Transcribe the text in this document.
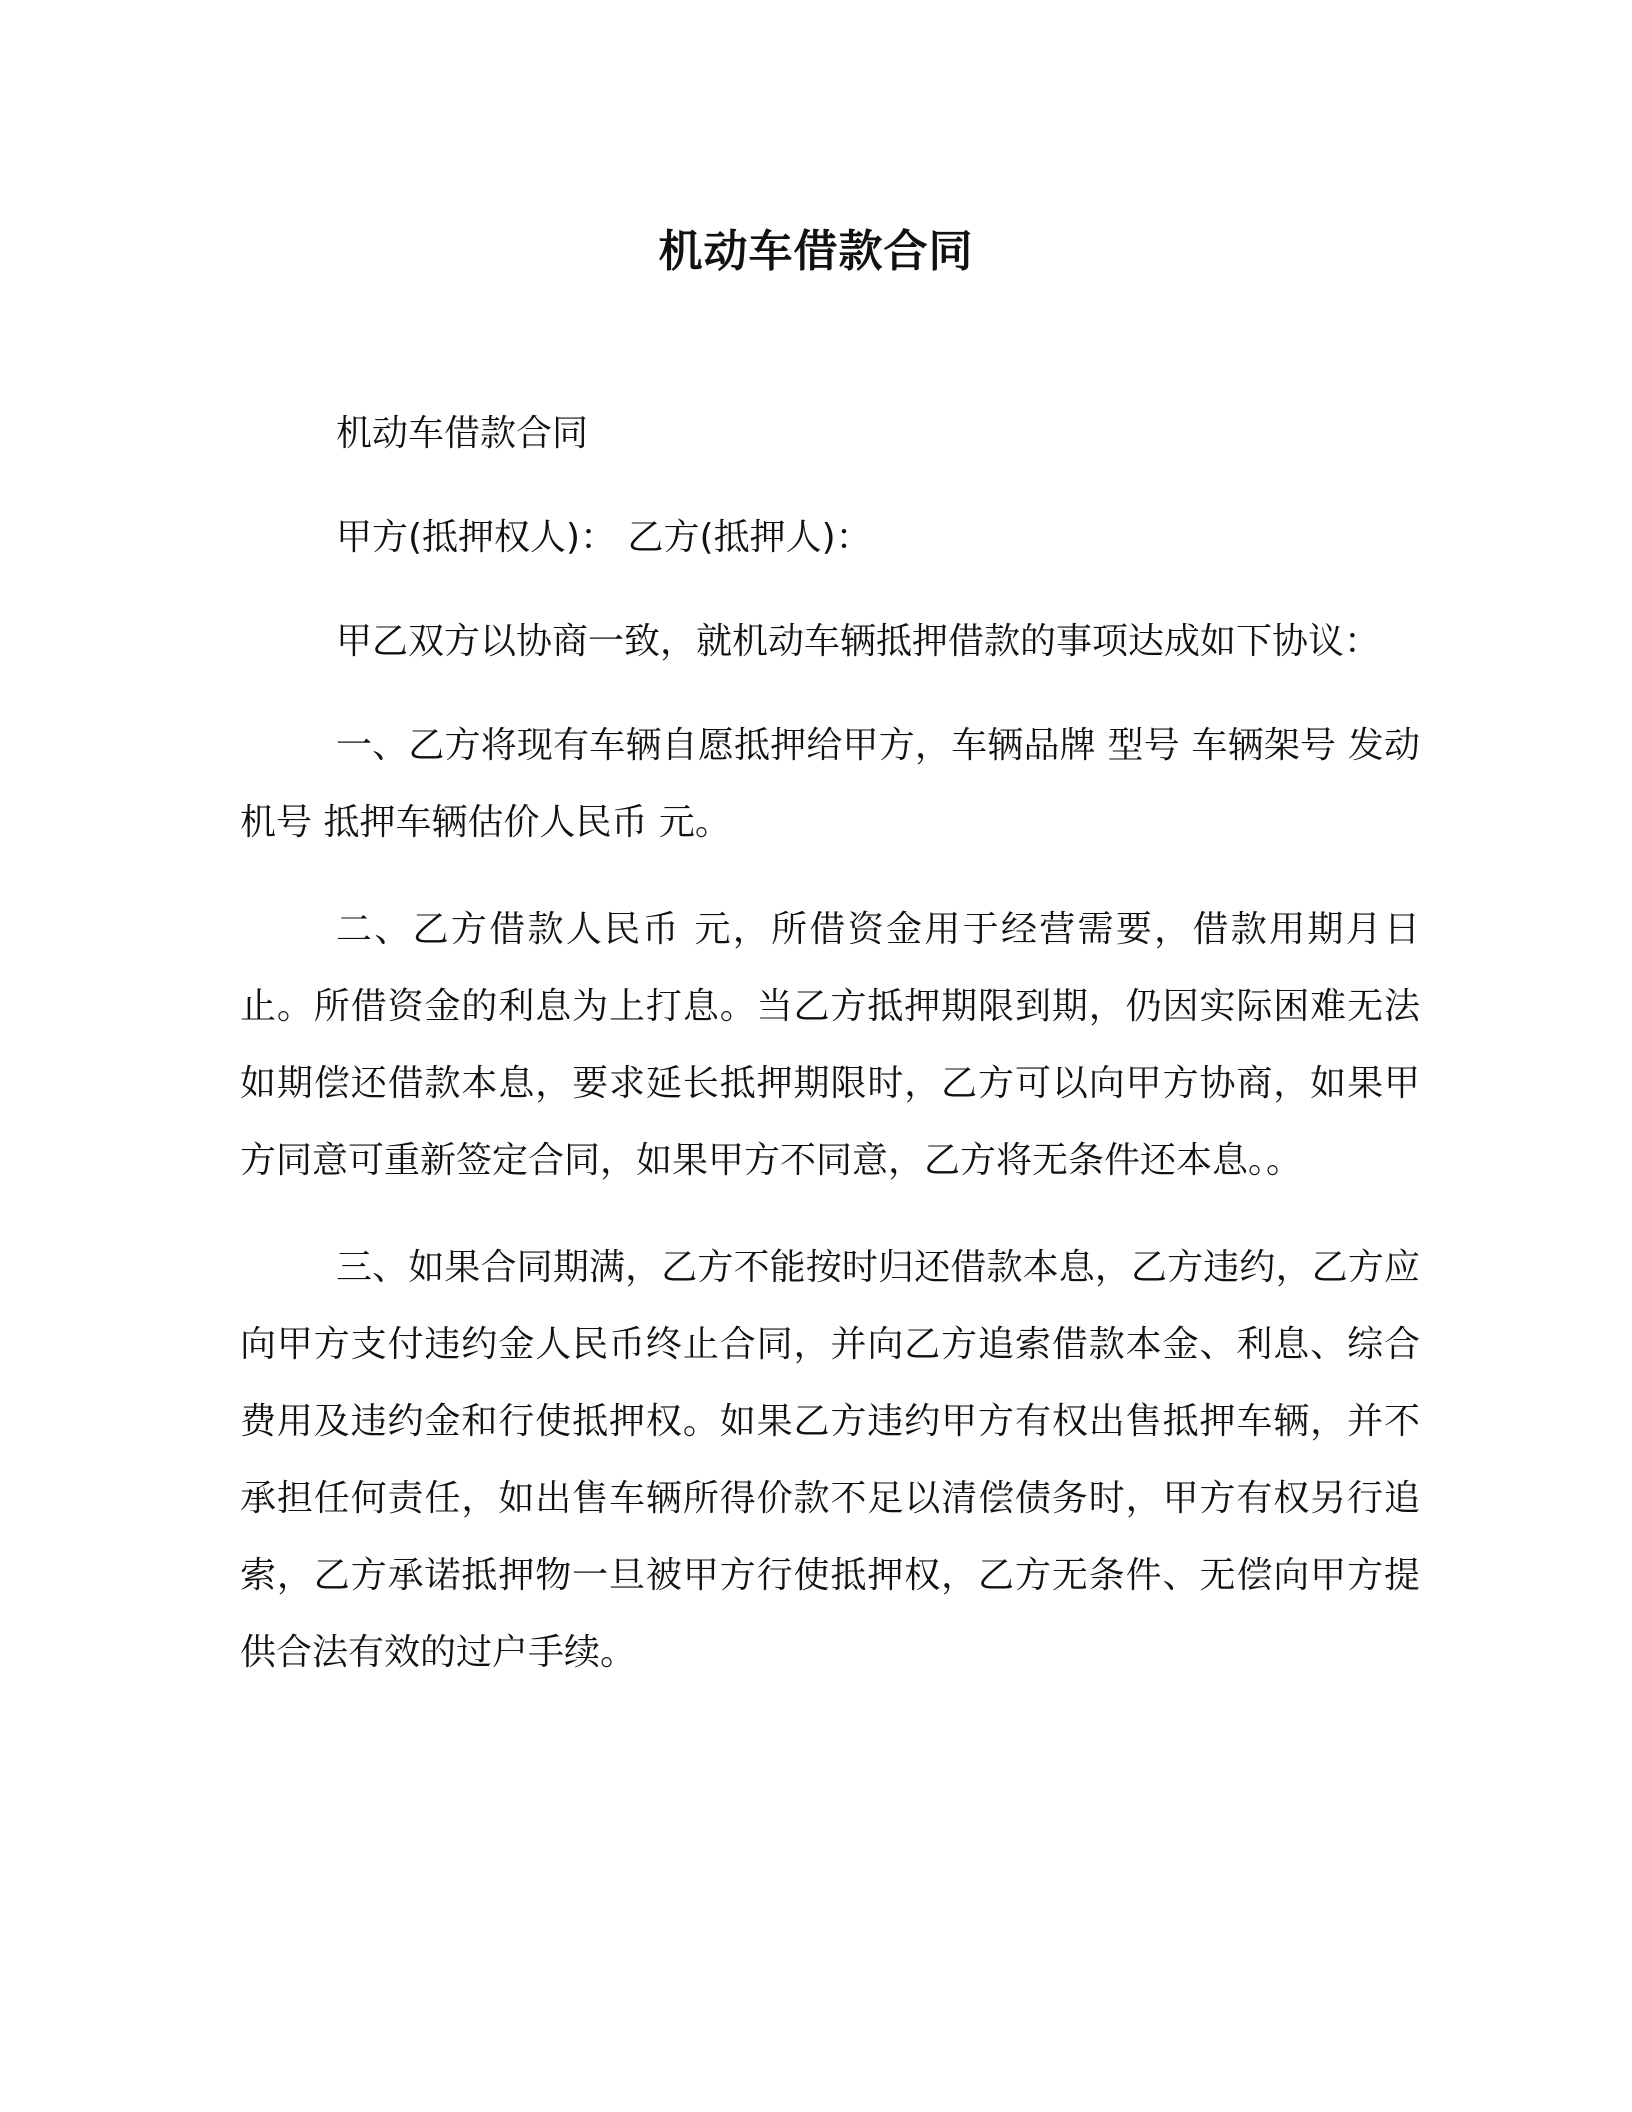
机动车借款合同

机动车借款合同

甲方(抵押权人)： 乙方(抵押人)：

甲乙双方以协商一致，就机动车辆抵押借款的事项达成如下协议：

一、乙方将现有车辆自愿抵押给甲方，车辆品牌 型号 车辆架号 发动机号 抵押车辆估价人民币 元。

二、乙方借款人民币 元，所借资金用于经营需要，借款用期月日止。所借资金的利息为上打息。当乙方抵押期限到期，仍因实际困难无法如期偿还借款本息，要求延长抵押期限时，乙方可以向甲方协商，如果甲方同意可重新签定合同，如果甲方不同意，乙方将无条件还本息。。

三、如果合同期满，乙方不能按时归还借款本息，乙方违约，乙方应向甲方支付违约金人民币终止合同，并向乙方追索借款本金、利息、综合费用及违约金和行使抵押权。如果乙方违约甲方有权出售抵押车辆，并不承担任何责任，如出售车辆所得价款不足以清偿债务时，甲方有权另行追索，乙方承诺抵押物一旦被甲方行使抵押权，乙方无条件、无偿向甲方提供合法有效的过户手续。
